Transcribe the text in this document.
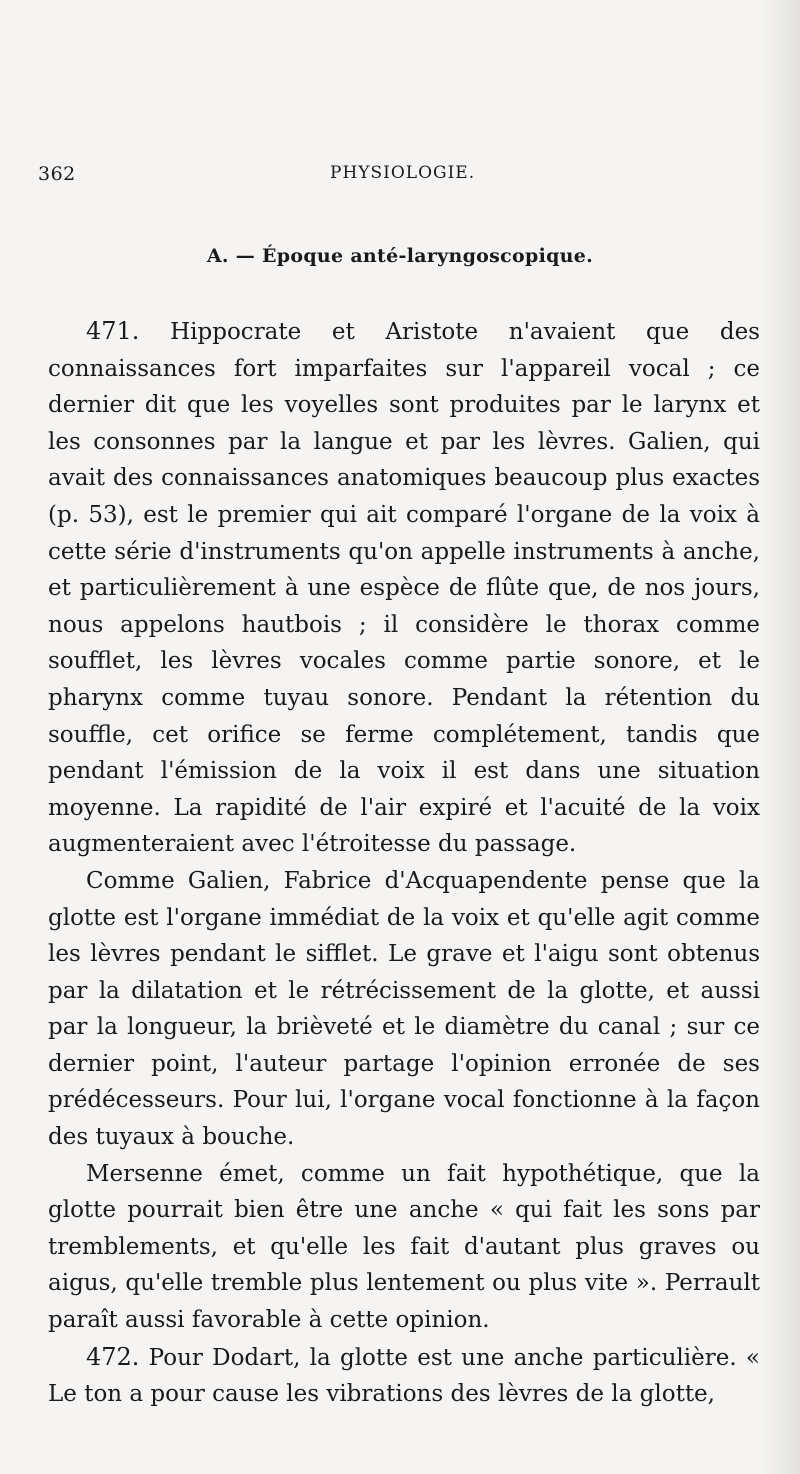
362	PHYSIOLOGIE.
A. — Époque anté-laryngoscopique.

471. Hippocrate et Aristote n'avaient que des connaissances fort imparfaites sur l'appareil vocal ; ce dernier dit que les voyelles sont produites par le larynx et les consonnes par la langue et par les lèvres. Galien, qui avait des connaissances anatomiques beaucoup plus exactes (p. 53), est le premier qui ait comparé l'organe de la voix à cette série d'instruments qu'on appelle instruments à anche, et particulièrement à une espèce de flûte que, de nos jours, nous appelons hautbois ; il considère le thorax comme soufflet, les lèvres vocales comme partie sonore, et le pharynx comme tuyau sonore. Pendant la rétention du souffle, cet orifice se ferme complétement, tandis que pendant l'émission de la voix il est dans une situation moyenne. La rapidité de l'air expiré et l'acuité de la voix augmenteraient avec l'étroitesse du passage.

Comme Galien, Fabrice d'Acquapendente pense que la glotte est l'organe immédiat de la voix et qu'elle agit comme les lèvres pendant le sifflet. Le grave et l'aigu sont obtenus par la dilatation et le rétrécissement de la glotte, et aussi par la longueur, la brièveté et le diamètre du canal ; sur ce dernier point, l'auteur partage l'opinion erronée de ses prédécesseurs. Pour lui, l'organe vocal fonctionne à la façon des tuyaux à bouche.

Mersenne émet, comme un fait hypothétique, que la glotte pourrait bien être une anche « qui fait les sons par tremblements, et qu'elle les fait d'autant plus graves ou aigus, qu'elle tremble plus lentement ou plus vite ». Perrault paraît aussi favorable à cette opinion.

472. Pour Dodart, la glotte est une anche particulière. « Le ton a pour cause les vibrations des lèvres de la glotte,
